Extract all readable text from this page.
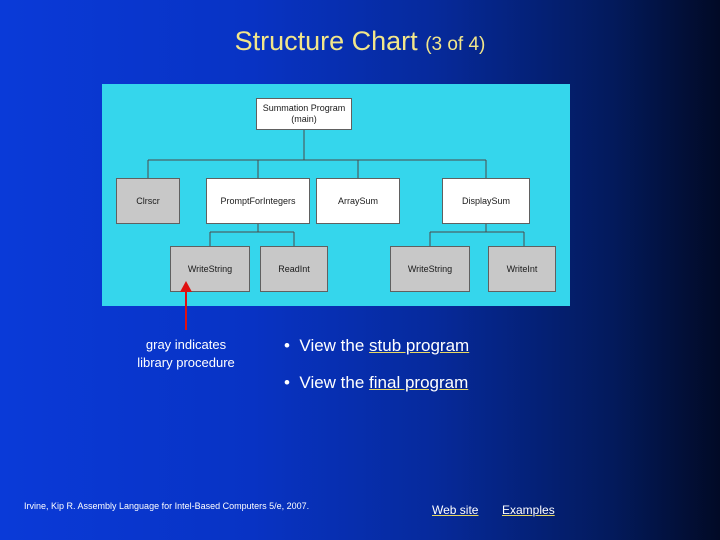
Structure Chart (3 of 4)
Summation Program (main)
Clrscr	PromptForIntegers	ArraySum	DisplaySum
WriteString	ReadInt	WriteString	WriteInt
gray indicates library procedure
•  View the stub program
•  View the final program
Irvine, Kip R. Assembly Language for Intel-Based Computers 5/e, 2007.	Web site Examples
